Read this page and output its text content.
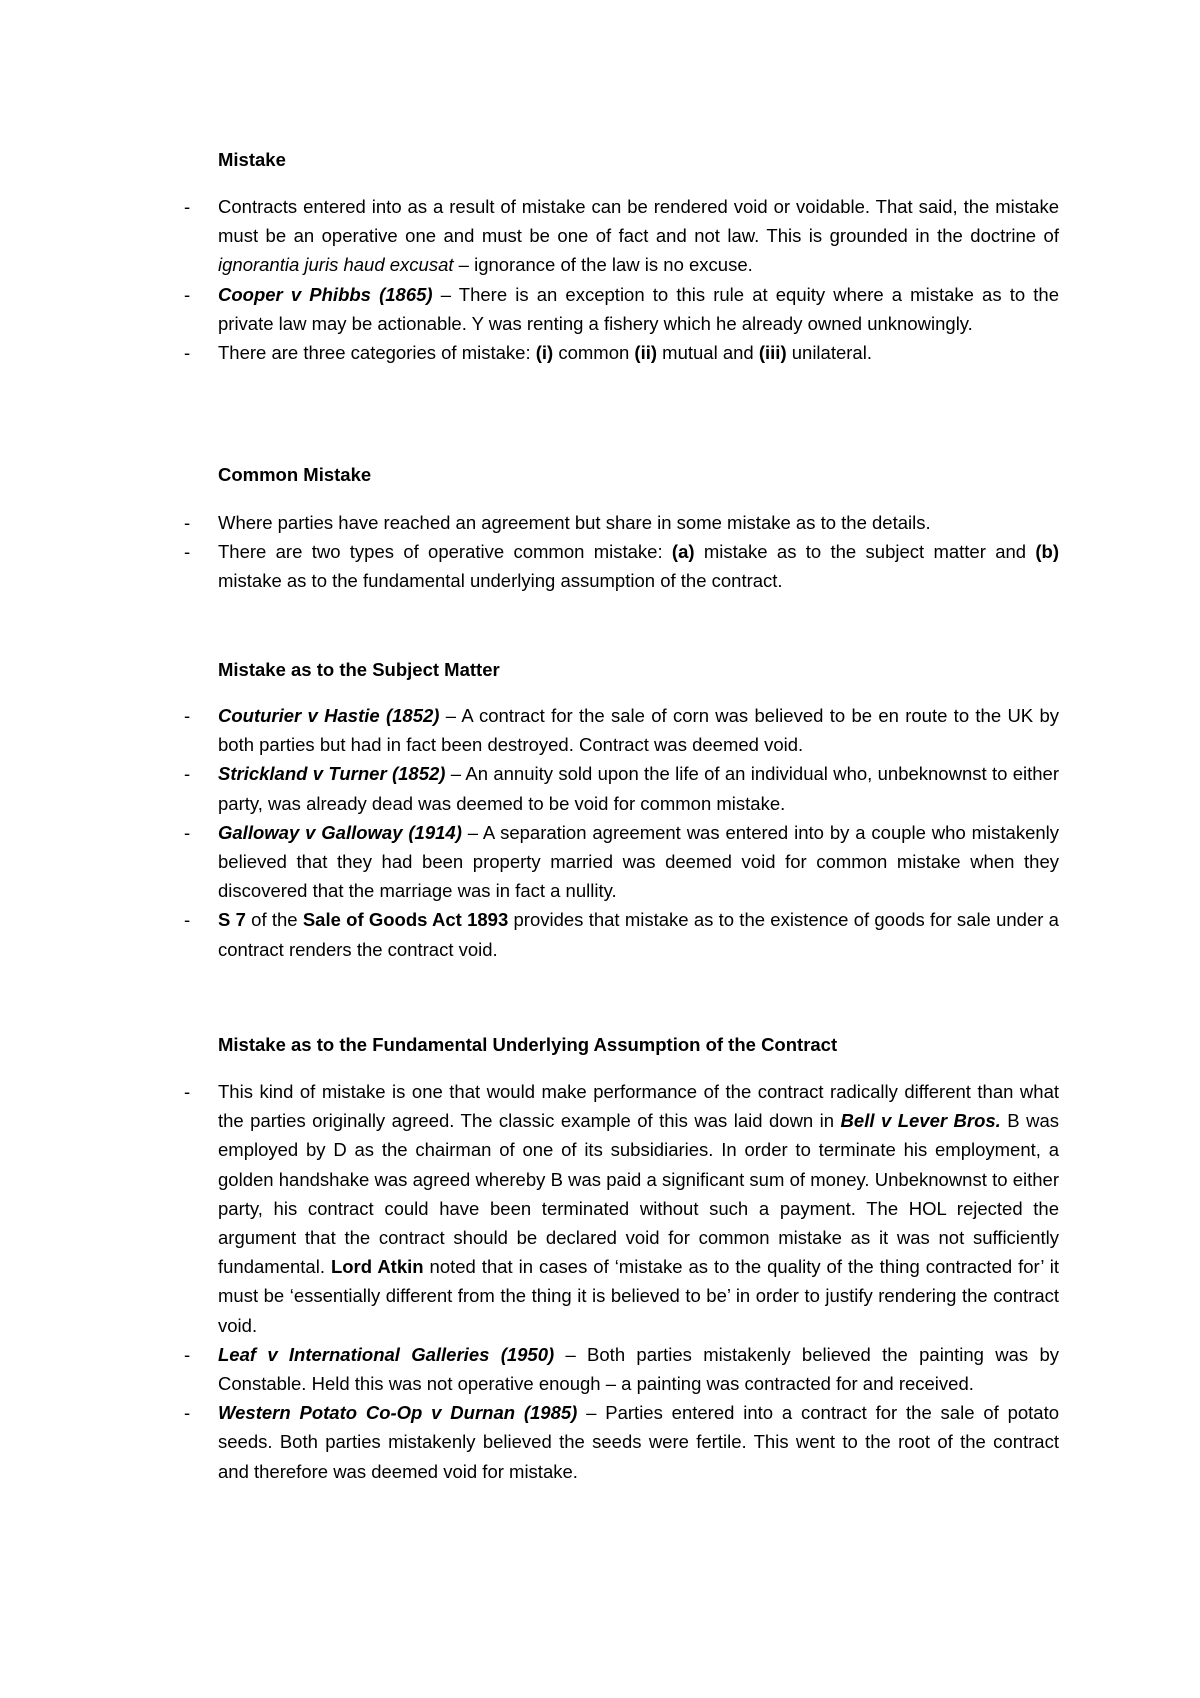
Mistake
- Contracts entered into as a result of mistake can be rendered void or voidable. That said, the mistake must be an operative one and must be one of fact and not law. This is grounded in the doctrine of ignorantia juris haud excusat – ignorance of the law is no excuse.
- Cooper v Phibbs (1865) – There is an exception to this rule at equity where a mistake as to the private law may be actionable. Y was renting a fishery which he already owned unknowingly.
- There are three categories of mistake: (i) common (ii) mutual and (iii) unilateral.
Common Mistake
- Where parties have reached an agreement but share in some mistake as to the details.
- There are two types of operative common mistake: (a) mistake as to the subject matter and (b) mistake as to the fundamental underlying assumption of the contract.
Mistake as to the Subject Matter
- Couturier v Hastie (1852) – A contract for the sale of corn was believed to be en route to the UK by both parties but had in fact been destroyed. Contract was deemed void.
- Strickland v Turner (1852) – An annuity sold upon the life of an individual who, unbeknownst to either party, was already dead was deemed to be void for common mistake.
- Galloway v Galloway (1914) – A separation agreement was entered into by a couple who mistakenly believed that they had been property married was deemed void for common mistake when they discovered that the marriage was in fact a nullity.
- S 7 of the Sale of Goods Act 1893 provides that mistake as to the existence of goods for sale under a contract renders the contract void.
Mistake as to the Fundamental Underlying Assumption of the Contract
- This kind of mistake is one that would make performance of the contract radically different than what the parties originally agreed. The classic example of this was laid down in Bell v Lever Bros. B was employed by D as the chairman of one of its subsidiaries. In order to terminate his employment, a golden handshake was agreed whereby B was paid a significant sum of money. Unbeknownst to either party, his contract could have been terminated without such a payment. The HOL rejected the argument that the contract should be declared void for common mistake as it was not sufficiently fundamental. Lord Atkin noted that in cases of ‘mistake as to the quality of the thing contracted for’ it must be ‘essentially different from the thing it is believed to be’ in order to justify rendering the contract void.
- Leaf v International Galleries (1950) – Both parties mistakenly believed the painting was by Constable. Held this was not operative enough – a painting was contracted for and received.
- Western Potato Co-Op v Durnan (1985) – Parties entered into a contract for the sale of potato seeds. Both parties mistakenly believed the seeds were fertile. This went to the root of the contract and therefore was deemed void for mistake.
